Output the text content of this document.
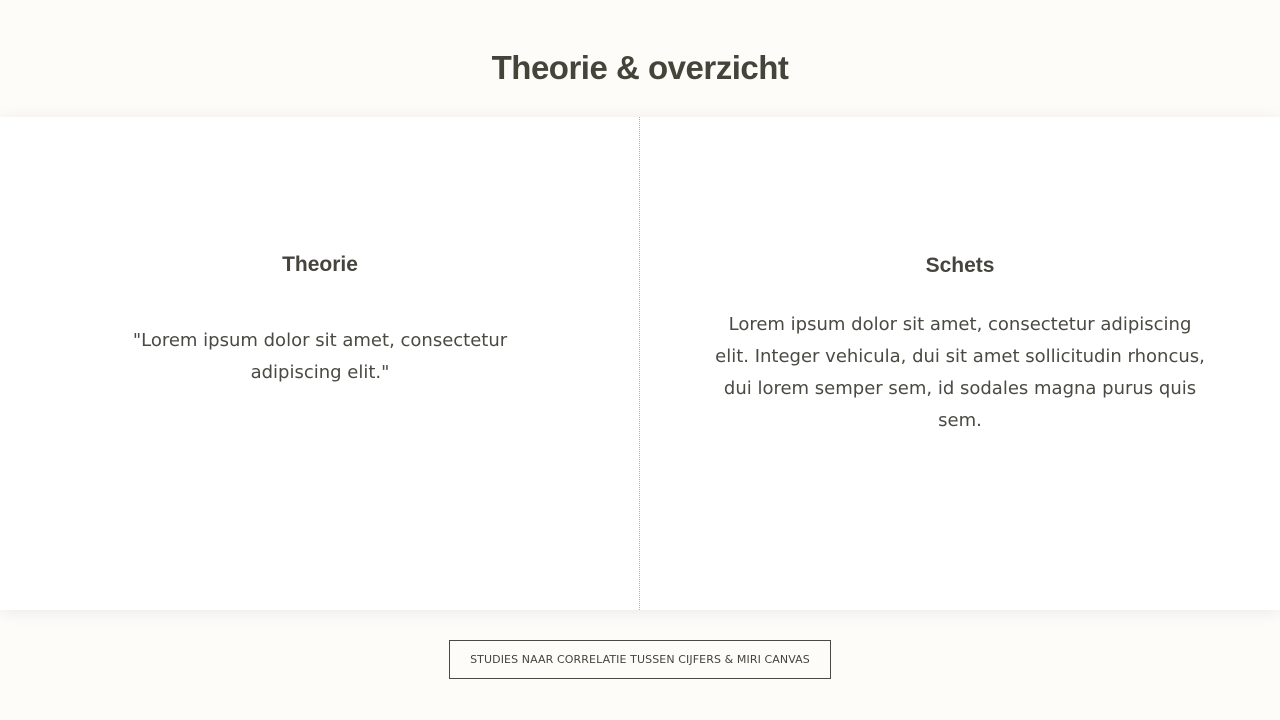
Theorie & overzicht
Theorie

"Lorem ipsum dolor sit amet, consectetur adipiscing elit."

Schets

Lorem ipsum dolor sit amet, consectetur adipiscing elit. Integer vehicula, dui sit amet sollicitudin rhoncus, dui lorem semper sem, id sodales magna purus quis sem.

STUDIES NAAR CORRELATIE TUSSEN CIJFERS & MIRI CANVAS
